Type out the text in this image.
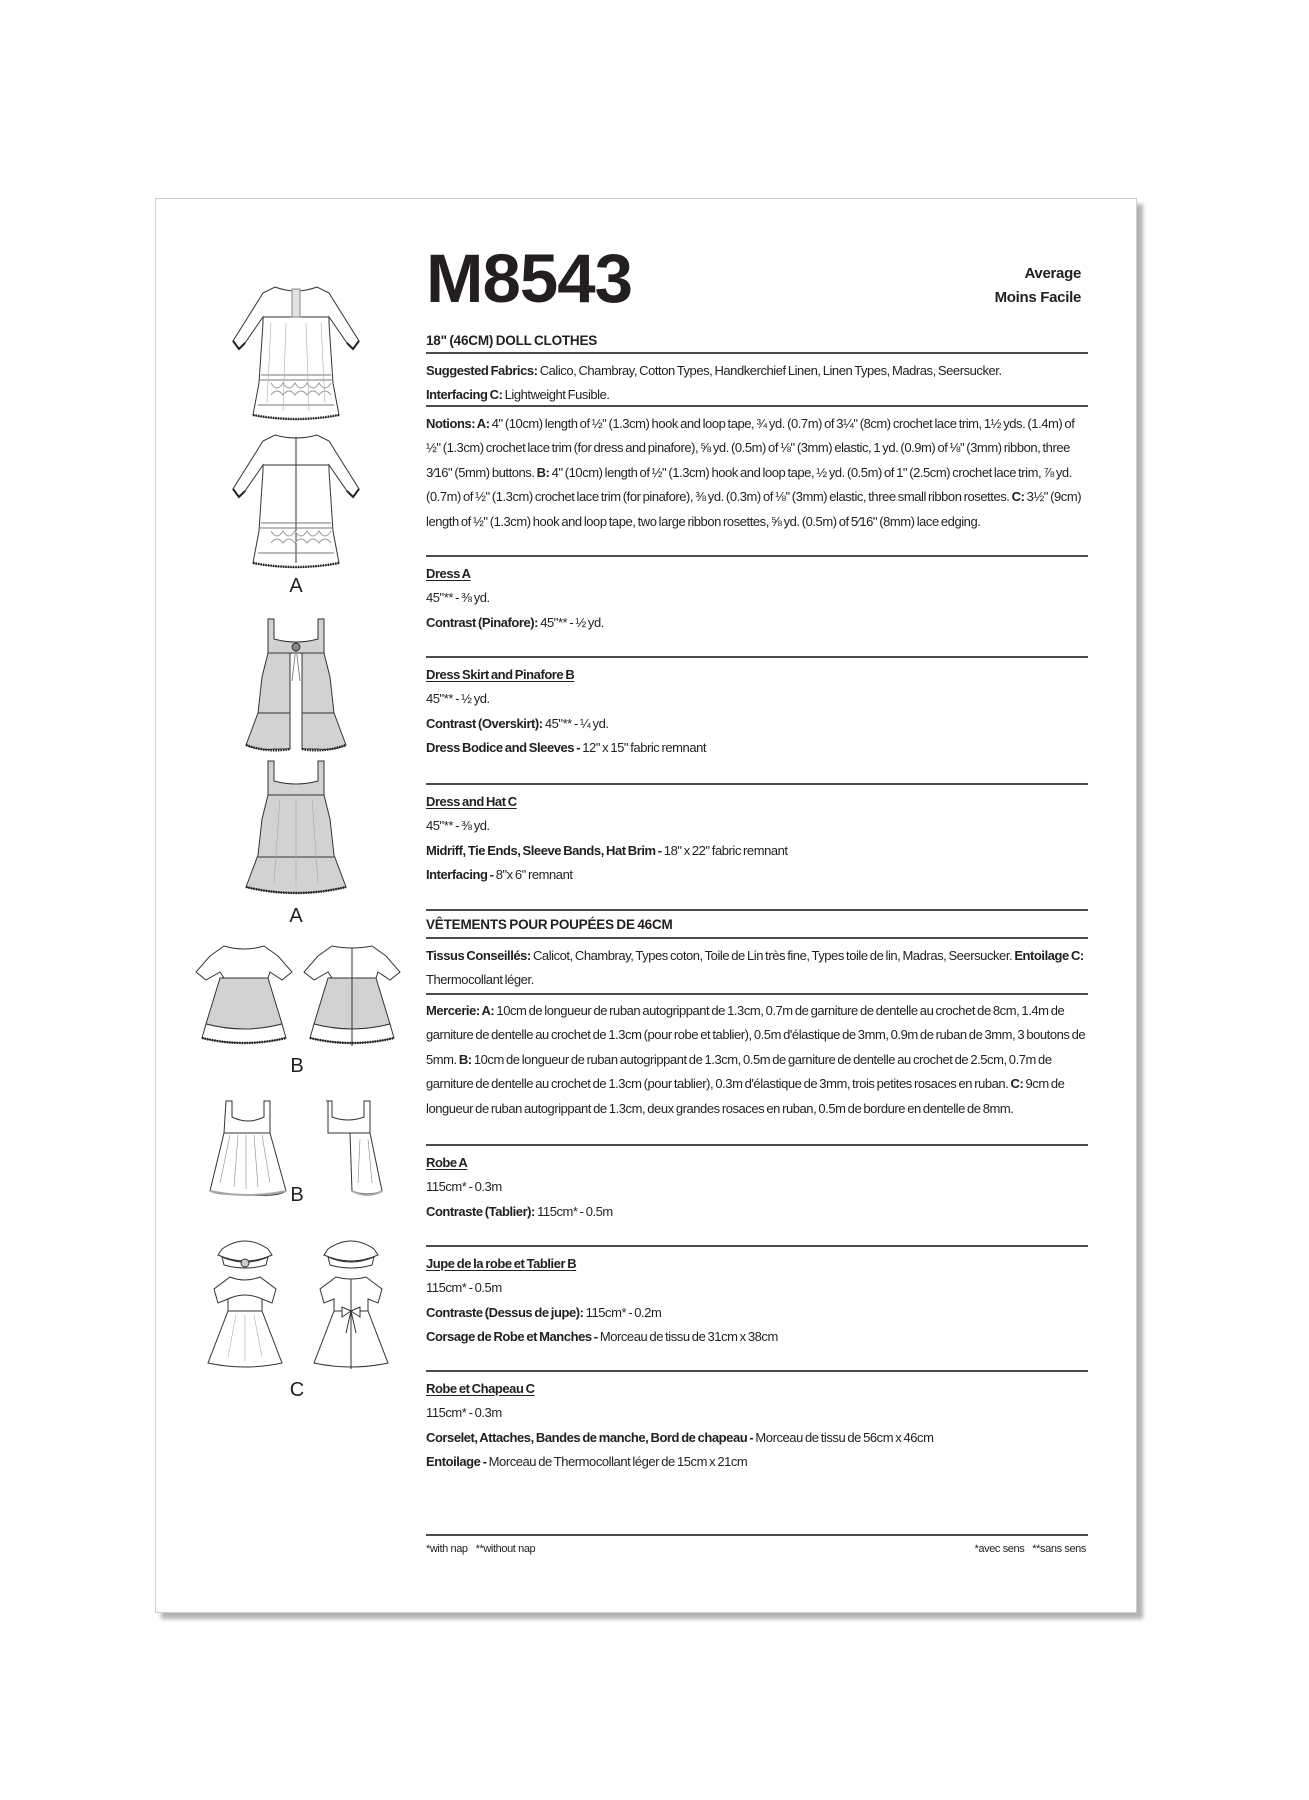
M8543	Average
Moins Facile
A
A
B
B
C
18" (46CM) DOLL CLOTHES
Suggested Fabrics: Calico, Chambray, Cotton Types, Handkerchief Linen, Linen Types, Madras, Seersucker.
Interfacing C: Lightweight Fusible.
Notions: A: 4" (10cm) length of ½" (1.3cm) hook and loop tape, ¾ yd. (0.7m) of 3¼" (8cm) crochet lace trim, 1½ yds. (1.4m) of ½" (1.3cm) crochet lace trim (for dress and pinafore), ⅝ yd. (0.5m) of ⅛" (3mm) elastic, 1 yd. (0.9m) of ⅛" (3mm) ribbon, three 3⁄16" (5mm) buttons. B: 4" (10cm) length of ½" (1.3cm) hook and loop tape, ½ yd. (0.5m) of 1" (2.5cm) crochet lace trim, ⅞ yd. (0.7m) of ½" (1.3cm) crochet lace trim (for pinafore), ⅜ yd. (0.3m) of ⅛" (3mm) elastic, three small ribbon rosettes. C: 3½" (9cm) length of ½" (1.3cm) hook and loop tape, two large ribbon rosettes, ⅝ yd. (0.5m) of 5⁄16" (8mm) lace edging.
Dress A
45"** - ⅜ yd.
Contrast (Pinafore): 45"** - ½ yd.
Dress Skirt and Pinafore B
45"** - ½ yd.
Contrast (Overskirt): 45"** - ¼ yd.
Dress Bodice and Sleeves - 12" x 15" fabric remnant
Dress and Hat C
45"** - ⅜ yd.
Midriff, Tie Ends, Sleeve Bands, Hat Brim - 18" x 22" fabric remnant
Interfacing - 8"x 6" remnant
VÊTEMENTS POUR POUPÉES DE 46CM
Tissus Conseillés: Calicot, Chambray, Types coton, Toile de Lin très fine, Types toile de lin, Madras, Seersucker. Entoilage C: Thermocollant léger.
Mercerie: A: 10cm de longueur de ruban autogrippant de 1.3cm, 0.7m de garniture de dentelle au crochet de 8cm, 1.4m de garniture de dentelle au crochet de 1.3cm (pour robe et tablier), 0.5m d'élastique de 3mm, 0.9m de ruban de 3mm, 3 boutons de 5mm. B: 10cm de longueur de ruban autogrippant de 1.3cm, 0.5m de garniture de dentelle au crochet de 2.5cm, 0.7m de garniture de dentelle au crochet de 1.3cm (pour tablier), 0.3m d'élastique de 3mm, trois petites rosaces en ruban. C: 9cm de longueur de ruban autogrippant de 1.3cm, deux grandes rosaces en ruban, 0.5m de bordure en dentelle de 8mm.
Robe A
115cm* - 0.3m
Contraste (Tablier): 115cm* - 0.5m
Jupe de la robe et Tablier B
115cm* - 0.5m
Contraste (Dessus de jupe): 115cm* - 0.2m
Corsage de Robe et Manches - Morceau de tissu de 31cm x 38cm
Robe et Chapeau C
115cm* - 0.3m
Corselet, Attaches, Bandes de manche, Bord de chapeau - Morceau de tissu de 56cm x 46cm
Entoilage - Morceau de Thermocollant léger de 15cm x 21cm
*with nap **without nap	*avec sens **sans sens
